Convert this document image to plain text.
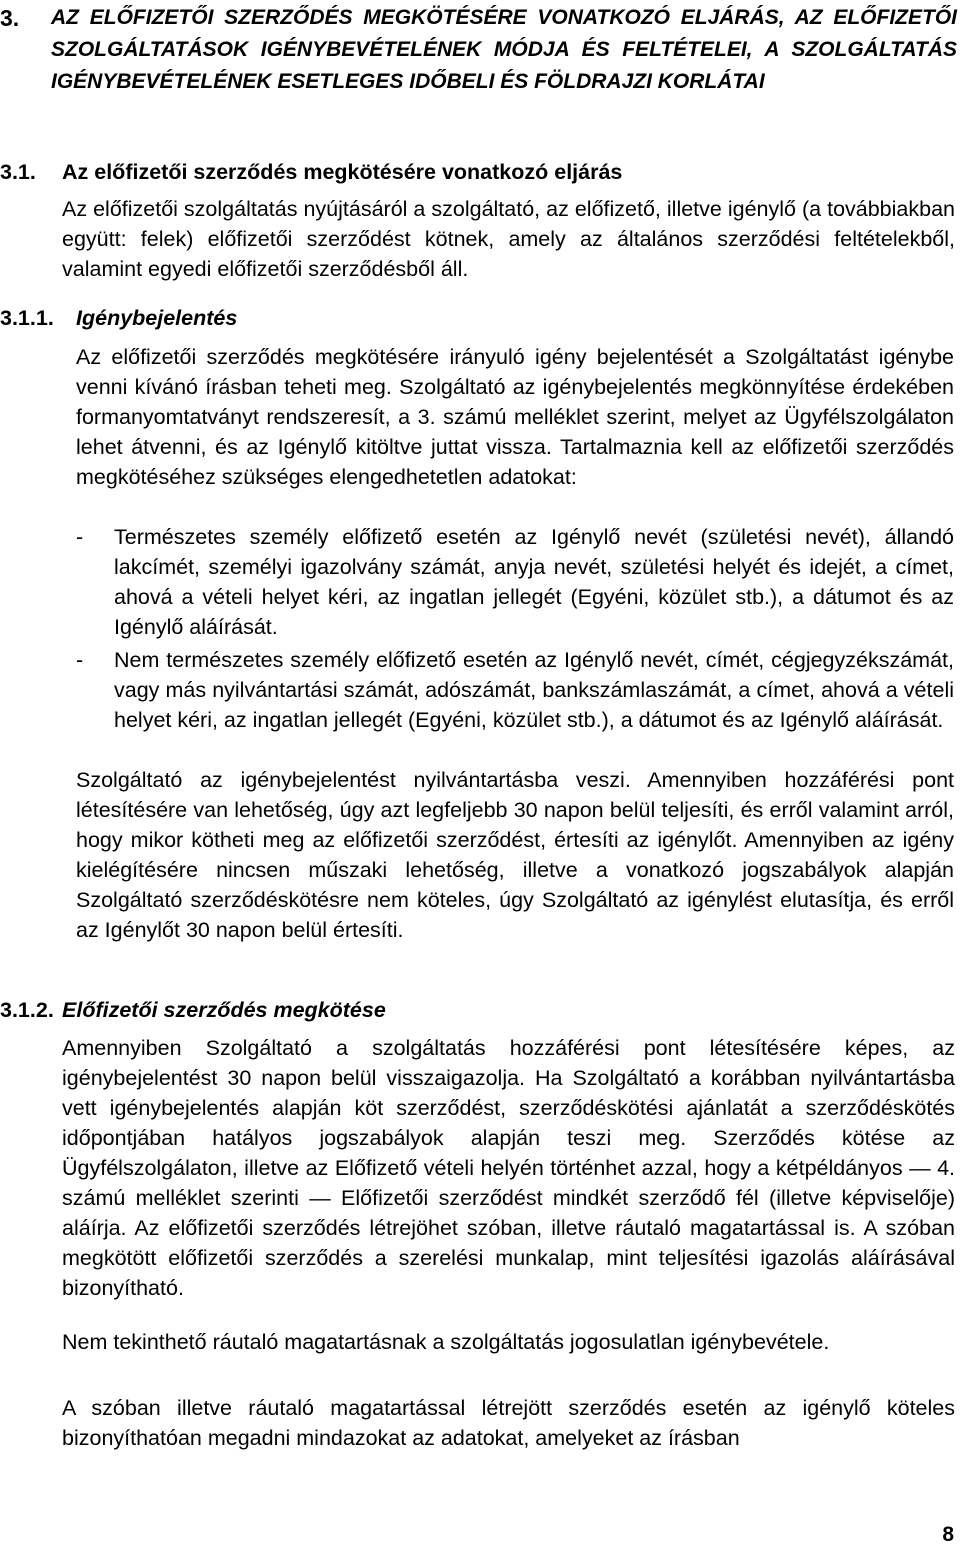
3.	AZ ELŐFIZETŐI SZERZŐDÉS MEGKÖTÉSÉRE VONATKOZÓ ELJÁRÁS, AZ ELŐFIZETŐI SZOLGÁLTATÁSOK IGÉNYBEVÉTELÉNEK MÓDJA ÉS FELTÉTELEI, A SZOLGÁLTATÁS IGÉNYBEVÉTELÉNEK ESETLEGES IDŐBELI ÉS FÖLDRAJZI KORLÁTAI
3.1.	Az előfizetői szerződés megkötésére vonatkozó eljárás

Az előfizetői szolgáltatás nyújtásáról a szolgáltató, az előfizető, illetve igénylő (a továbbiakban együtt: felek) előfizetői szerződést kötnek, amely az általános szerződési feltételekből, valamint egyedi előfizetői szerződésből áll.

3.1.1.	Igénybejelentés

Az előfizetői szerződés megkötésére irányuló igény bejelentését a Szolgáltatást igénybe venni kívánó írásban teheti meg. Szolgáltató az igénybejelentés megkönnyítése érdekében formanyomtatványt rendszeresít, a 3. számú melléklet szerint, melyet az Ügyfélszolgálaton lehet átvenni, és az Igénylő kitöltve juttat vissza. Tartalmaznia kell az előfizetői szerződés megkötéséhez szükséges elengedhetetlen adatokat:

-	Természetes személy előfizető esetén az Igénylő nevét (születési nevét), állandó lakcímét, személyi igazolvány számát, anyja nevét, születési helyét és idejét, a címet, ahová a vételi helyet kéri, az ingatlan jellegét (Egyéni, közület stb.), a dátumot és az Igénylő aláírását.
-	Nem természetes személy előfizető esetén az Igénylő nevét, címét, cégjegyzékszámát, vagy más nyilvántartási számát, adószámát, bankszámlaszámát, a címet, ahová a vételi helyet kéri, az ingatlan jellegét (Egyéni, közület stb.), a dátumot és az Igénylő aláírását.

Szolgáltató az igénybejelentést nyilvántartásba veszi. Amennyiben hozzáférési pont létesítésére van lehetőség, úgy azt legfeljebb 30 napon belül teljesíti, és erről valamint arról, hogy mikor kötheti meg az előfizetői szerződést, értesíti az igénylőt. Amennyiben az igény kielégítésére nincsen műszaki lehetőség, illetve a vonatkozó jogszabályok alapján Szolgáltató szerződéskötésre nem köteles, úgy Szolgáltató az igénylést elutasítja, és erről az Igénylőt 30 napon belül értesíti.

3.1.2. Előfizetői szerződés megkötése

Amennyiben Szolgáltató a szolgáltatás hozzáférési pont létesítésére képes, az igénybejelentést 30 napon belül visszaigazolja. Ha Szolgáltató a korábban nyilvántartásba vett igénybejelentés alapján köt szerződést, szerződéskötési ajánlatát a szerződéskötés időpontjában hatályos jogszabályok alapján teszi meg. Szerződés kötése az Ügyfélszolgálaton, illetve az Előfizető vételi helyén történhet azzal, hogy a kétpéldányos — 4. számú melléklet szerinti — Előfizetői szerződést mindkét szerződő fél (illetve képviselője) aláírja. Az előfizetői szerződés létrejöhet szóban, illetve ráutaló magatartással is. A szóban megkötött előfizetői szerződés a szerelési munkalap, mint teljesítési igazolás aláírásával bizonyítható.

Nem tekinthető ráutaló magatartásnak a szolgáltatás jogosulatlan igénybevétele.

A szóban illetve ráutaló magatartással létrejött szerződés esetén az igénylő köteles bizonyíthatóan megadni mindazokat az adatokat, amelyeket az írásban

8
